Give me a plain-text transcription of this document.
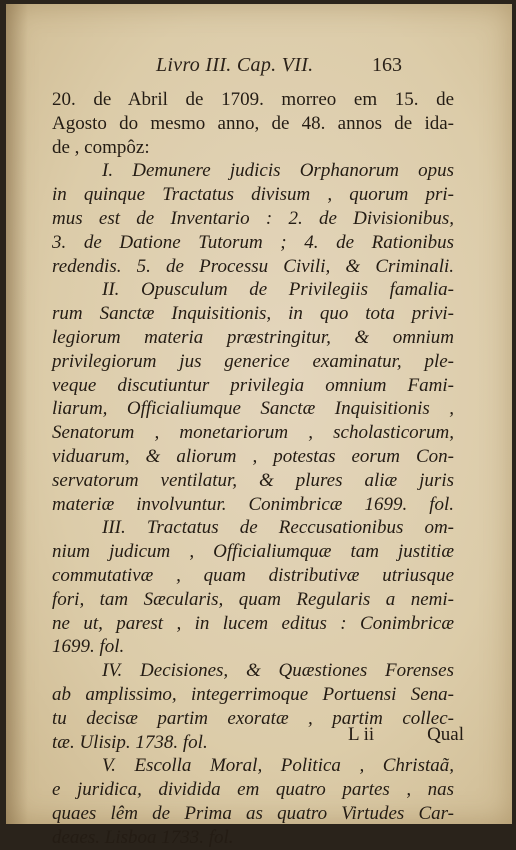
Livro III. Cap. VII.	163
20. de Abril de 1709. morreo em 15. de
Agosto do mesmo anno, de 48. annos de ida-
de , compôz:
I. Demunere judicis Orphanorum opus
in quinque Tractatus divisum , quorum pri-
mus est de Inventario : 2. de Divisionibus,
3. de Datione Tutorum ; 4. de Rationibus
redendis. 5. de Processu Civili, & Criminali.
II. Opusculum de Privilegiis famalia-
rum Sanctæ Inquisitionis, in quo tota privi-
legiorum materia præstringitur, & omnium
privilegiorum jus generice examinatur, ple-
veque discutiuntur privilegia omnium Fami-
liarum, Officialiumque Sanctæ Inquisitionis ,
Senatorum , monetariorum , scholasticorum,
viduarum, & aliorum , potestas eorum Con-
servatorum ventilatur, & plures aliæ juris
materiæ involvuntur. Conimbricæ 1699. fol.
III. Tractatus de Reccusationibus om-
nium judicum , Officialiumquæ tam justitiæ
commutativæ , quam distributivæ utriusque
fori, tam Sæcularis, quam Regularis a nemi-
ne ut, parest , in lucem editus : Conimbricæ
1699. fol.
IV. Decisiones, & Quæstiones Forenses
ab amplissimo, integerrimoque Portuensi Sena-
tu decisæ partim exoratæ , partim collec-
tæ. Ulisip. 1738. fol.
V. Escolla Moral, Politica , Christaã,
e juridica, dividida em quatro partes , nas
quaes lêm de Prima as quatro Virtudes Car-
deaes. Lisboa 1733. fol.
L ii	Qual
